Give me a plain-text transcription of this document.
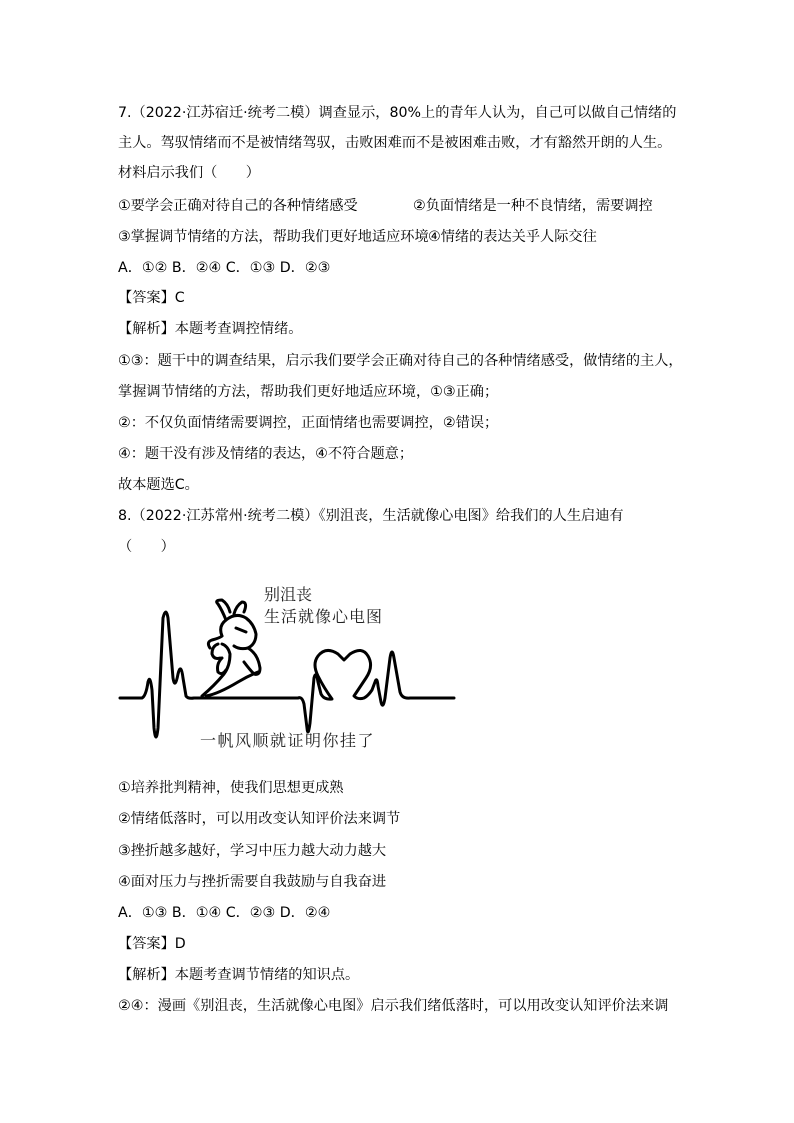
7.（2022·江苏宿迁·统考二模）调查显示，80%上的青年人认为，自己可以做自己情绪的
主人。驾驭情绪而不是被情绪驾驭，击败困难而不是被困难击败，才有豁然开朗的人生。
材料启示我们（　　）
①要学会正确对待自己的各种情绪感受	②负面情绪是一种不良情绪，需要调控
③掌握调节情绪的方法，帮助我们更好地适应环境④情绪的表达关乎人际交往
A．①② B．②④ C．①③ D．②③
【答案】C
【解析】本题考查调控情绪。
①③：题干中的调查结果，启示我们要学会正确对待自己的各种情绪感受，做情绪的主人，
掌握调节情绪的方法，帮助我们更好地适应环境，①③正确；
②：不仅负面情绪需要调控，正面情绪也需要调控，②错误；
④：题干没有涉及情绪的表达，④不符合题意；
故本题选C。
8.（2022·江苏常州·统考二模）《别沮丧，生活就像心电图》给我们的人生启迪有
（　　）
别沮丧
生活就像心电图
一帆风顺就证明你挂了
①培养批判精神，使我们思想更成熟
②情绪低落时，可以用改变认知评价法来调节
③挫折越多越好，学习中压力越大动力越大
④面对压力与挫折需要自我鼓励与自我奋进
A．①③ B．①④ C．②③ D．②④
【答案】D
【解析】本题考查调节情绪的知识点。
②④：漫画《别沮丧，生活就像心电图》启示我们绪低落时，可以用改变认知评价法来调
